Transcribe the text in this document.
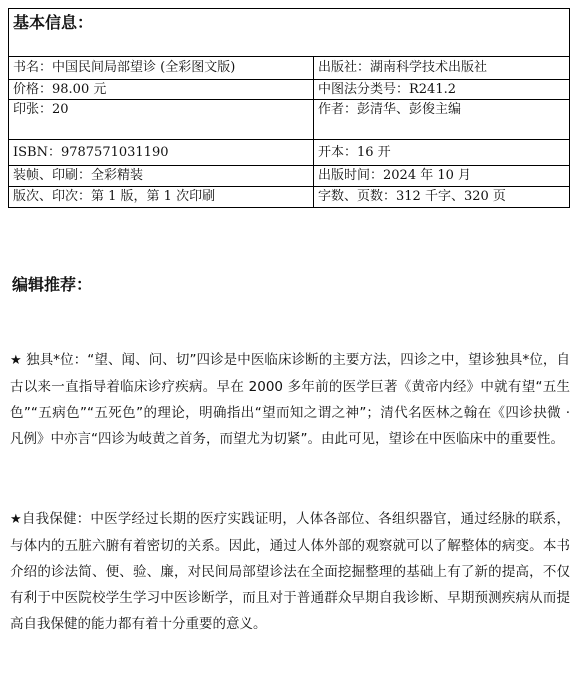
基本信息：	
书名：中国民间局部望诊 (全彩图文版)	出版社：湖南科学技术出版社
价格：98.00 元	中图法分类号：R241.2
印张：20	作者：彭清华、彭俊主编
ISBN：9787571031190	开本：16 开
装帧、印刷：全彩精装	出版时间：2024 年 10 月
版次、印次：第 1 版，第 1 次印刷	字数、页数：312 千字、320 页
编辑推荐：

★ 独具*位：“望、闻、问、切”四诊是中医临床诊断的主要方法，四诊之中，望诊独具*位，自古以来一直指导着临床诊疗疾病。早在 2000 多年前的医学巨著《黄帝内经》中就有望“五生色”“五病色”“五死色”的理论，明确指出“望而知之谓之神”；清代名医林之翰在《四诊抉微 · 凡例》中亦言“四诊为岐黄之首务，而望尤为切紧”。由此可见，望诊在中医临床中的重要性。

★自我保健：中医学经过长期的医疗实践证明，人体各部位、各组织器官，通过经脉的联系，与体内的五脏六腑有着密切的关系。因此，通过人体外部的观察就可以了解整体的病变。本书介绍的诊法简、便、验、廉，对民间局部望诊法在全面挖掘整理的基础上有了新的提高，不仅有利于中医院校学生学习中医诊断学，而且对于普通群众早期自我诊断、早期预测疾病从而提高自我保健的能力都有着十分重要的意义。
